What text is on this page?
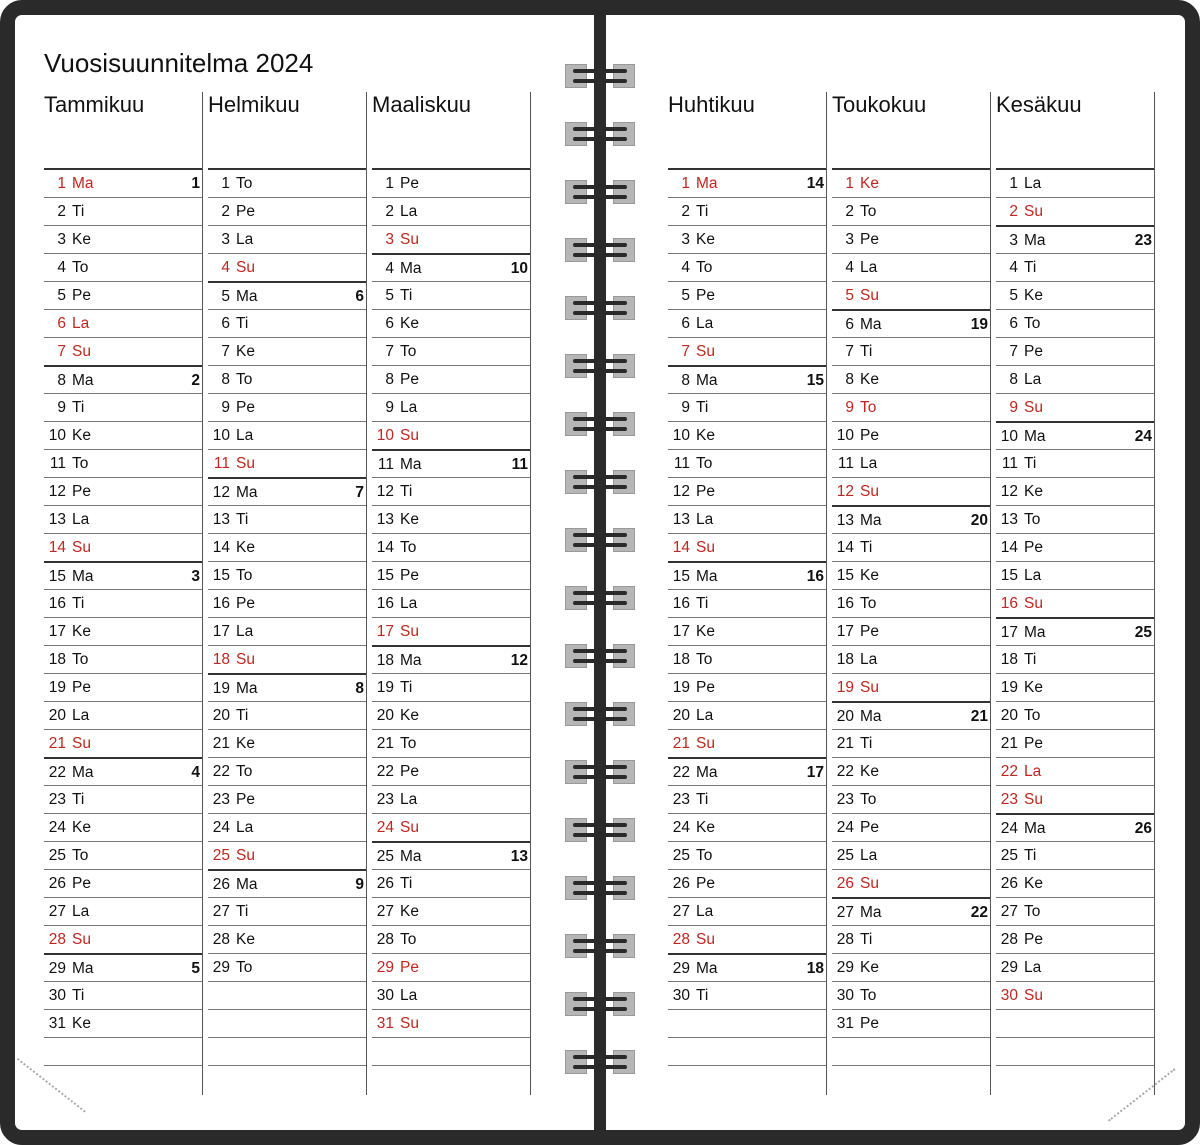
Vuosisuunnitelma 2024
Tammikuu
1 Ma	1
2 Ti
3 Ke
4 To
5 Pe
6 La
7 Su
8 Ma	2
9 Ti
10 Ke
11 To
12 Pe
13 La
14 Su
15 Ma	3
16 Ti
17 Ke
18 To
19 Pe
20 La
21 Su
22 Ma	4
23 Ti
24 Ke
25 To
26 Pe
27 La
28 Su
29 Ma	5
30 Ti
31 Ke
Helmikuu
1 To
2 Pe
3 La
4 Su
5 Ma	6
6 Ti
7 Ke
8 To
9 Pe
10 La
11 Su
12 Ma	7
13 Ti
14 Ke
15 To
16 Pe
17 La
18 Su
19 Ma	8
20 Ti
21 Ke
22 To
23 Pe
24 La
25 Su
26 Ma	9
27 Ti
28 Ke
29 To
Maaliskuu
1 Pe
2 La
3 Su
4 Ma	10
5 Ti
6 Ke
7 To
8 Pe
9 La
10 Su
11 Ma	11
12 Ti
13 Ke
14 To
15 Pe
16 La
17 Su
18 Ma	12
19 Ti
20 Ke
21 To
22 Pe
23 La
24 Su
25 Ma	13
26 Ti
27 Ke
28 To
29 Pe
30 La
31 Su
Huhtikuu
1 Ma	14
2 Ti
3 Ke
4 To
5 Pe
6 La
7 Su
8 Ma	15
9 Ti
10 Ke
11 To
12 Pe
13 La
14 Su
15 Ma	16
16 Ti
17 Ke
18 To
19 Pe
20 La
21 Su
22 Ma	17
23 Ti
24 Ke
25 To
26 Pe
27 La
28 Su
29 Ma	18
30 Ti
Toukokuu
1 Ke
2 To
3 Pe
4 La
5 Su
6 Ma	19
7 Ti
8 Ke
9 To
10 Pe
11 La
12 Su
13 Ma	20
14 Ti
15 Ke
16 To
17 Pe
18 La
19 Su
20 Ma	21
21 Ti
22 Ke
23 To
24 Pe
25 La
26 Su
27 Ma	22
28 Ti
29 Ke
30 To
31 Pe
Kesäkuu
1 La
2 Su
3 Ma	23
4 Ti
5 Ke
6 To
7 Pe
8 La
9 Su
10 Ma	24
11 Ti
12 Ke
13 To
14 Pe
15 La
16 Su
17 Ma	25
18 Ti
19 Ke
20 To
21 Pe
22 La
23 Su
24 Ma	26
25 Ti
26 Ke
27 To
28 Pe
29 La
30 Su
